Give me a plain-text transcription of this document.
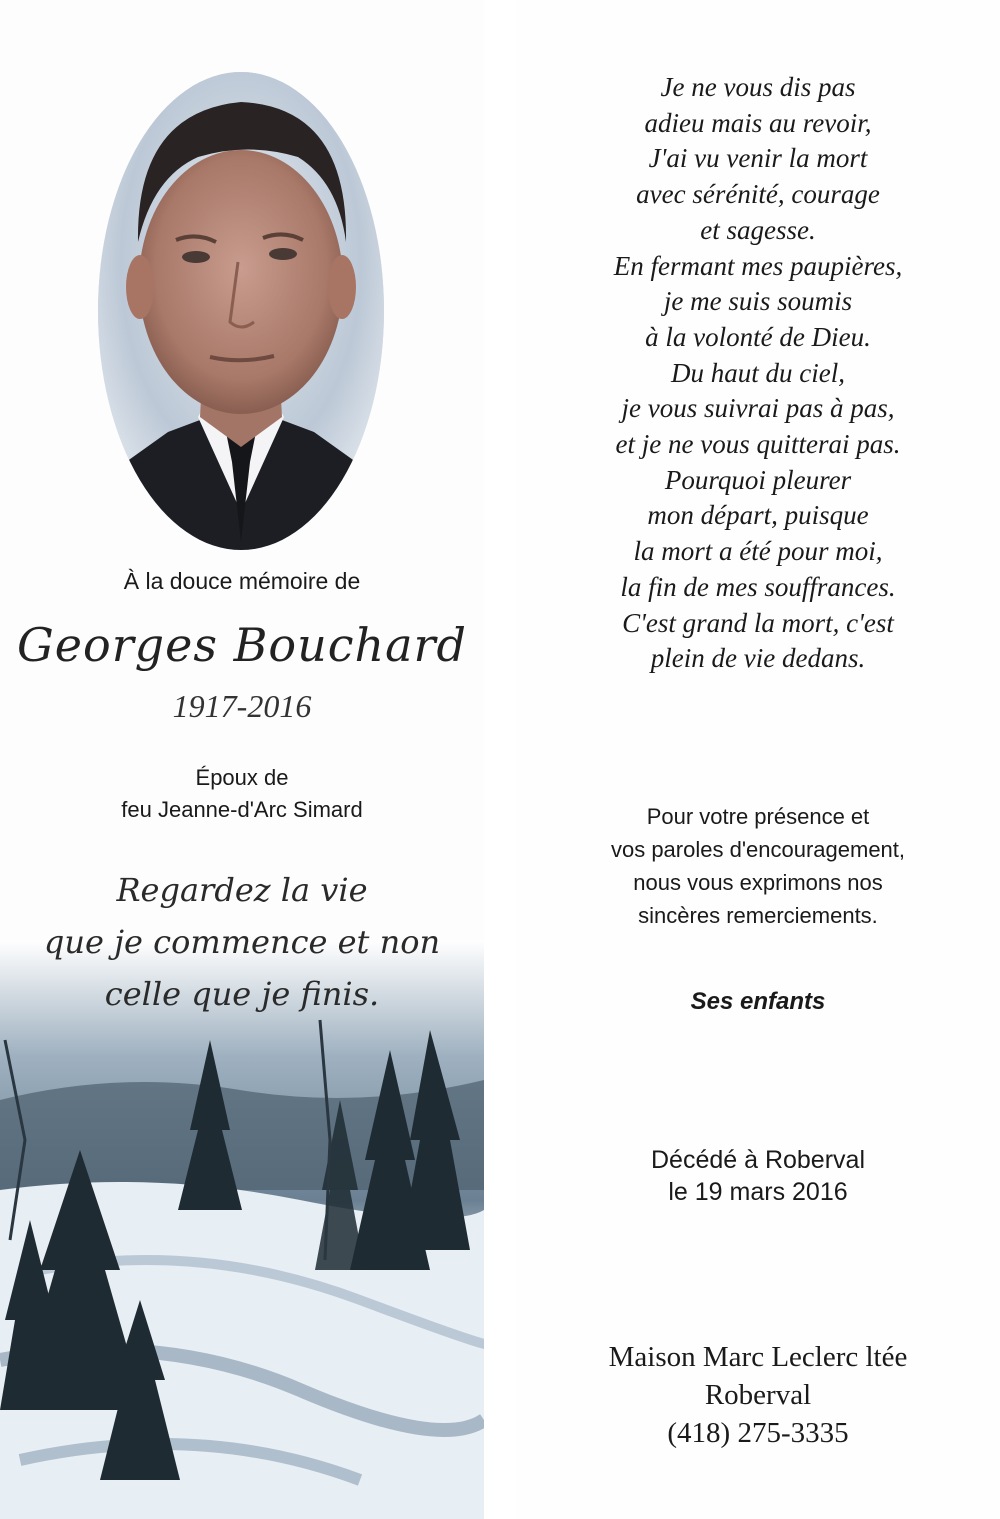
À la douce mémoire de
Georges Bouchard
1917-2016
Époux de
feu Jeanne-d'Arc Simard
Regardez la vie
que je commence et non
celle que je finis.
Je ne vous dis pas
adieu mais au revoir,
J'ai vu venir la mort
avec sérénité, courage
et sagesse.
En fermant mes paupières,
je me suis soumis
à la volonté de Dieu.
Du haut du ciel,
je vous suivrai pas à pas,
et je ne vous quitterai pas.
Pourquoi pleurer
mon départ, puisque
la mort a été pour moi,
la fin de mes souffrances.
C'est grand la mort, c'est
plein de vie dedans.
Pour votre présence et
vos paroles d'encouragement,
nous vous exprimons nos
sincères remerciements.
Ses enfants
Décédé à Roberval
le 19 mars 2016
Maison Marc Leclerc ltée
Roberval
(418) 275-3335
